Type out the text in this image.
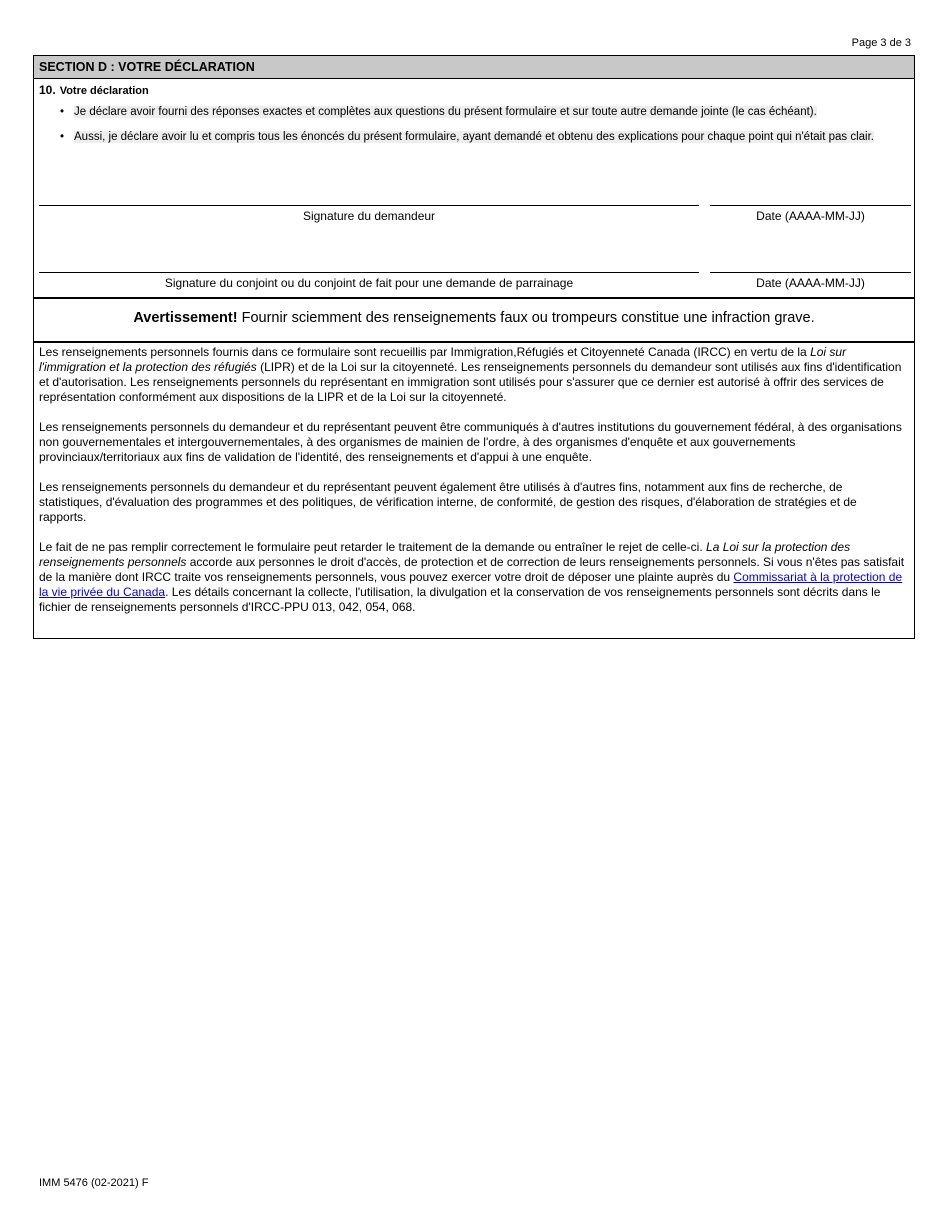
Page 3 de 3
SECTION D : VOTRE DÉCLARATION
10. Votre déclaration
• Je déclare avoir fourni des réponses exactes et complètes aux questions du présent formulaire et sur toute autre demande jointe (le cas échéant).
• Aussi, je déclare avoir lu et compris tous les énoncés du présent formulaire, ayant demandé et obtenu des explications pour chaque point qui n'était pas clair.
Signature du demandeur	Date (AAAA-MM-JJ)
Signature du conjoint ou du conjoint de fait pour une demande de parrainage	Date (AAAA-MM-JJ)
Avertissement! Fournir sciemment des renseignements faux ou trompeurs constitue une infraction grave.

Les renseignements personnels fournis dans ce formulaire sont recueillis par Immigration,Réfugiés et Citoyenneté Canada (IRCC) en vertu de la Loi sur l'immigration et la protection des réfugiés (LIPR) et de la Loi sur la citoyenneté. Les renseignements personnels du demandeur sont utilisés aux fins d'identification et d'autorisation. Les renseignements personnels du représentant en immigration sont utilisés pour s'assurer que ce dernier est autorisé à offrir des services de représentation conformément aux dispositions de la LIPR et de la Loi sur la citoyenneté.

Les renseignements personnels du demandeur et du représentant peuvent être communiqués à d'autres institutions du gouvernement fédéral, à des organisations non gouvernementales et intergouvernementales, à des organismes de mainien de l'ordre, à des organismes d'enquête et aux gouvernements provinciaux/territoriaux aux fins de validation de l'identité, des renseignements et d'appui à une enquête.

Les renseignements personnels du demandeur et du représentant peuvent également être utilisés à d'autres fins, notamment aux fins de recherche, de statistiques, d'évaluation des programmes et des politiques, de vérification interne, de conformité, de gestion des risques, d'élaboration de stratégies et de rapports.

Le fait de ne pas remplir correctement le formulaire peut retarder le traitement de la demande ou entraîner le rejet de celle-ci. La Loi sur la protection des renseignements personnels accorde aux personnes le droit d'accès, de protection et de correction de leurs renseignements personnels. Si vous n'êtes pas satisfait de la manière dont IRCC traite vos renseignements personnels, vous pouvez exercer votre droit de déposer une plainte auprès du Commissariat à la protection de la vie privée du Canada. Les détails concernant la collecte, l'utilisation, la divulgation et la conservation de vos renseignements personnels sont décrits dans le fichier de renseignements personnels d'IRCC-PPU 013, 042, 054, 068.

IMM 5476 (02-2021) F
